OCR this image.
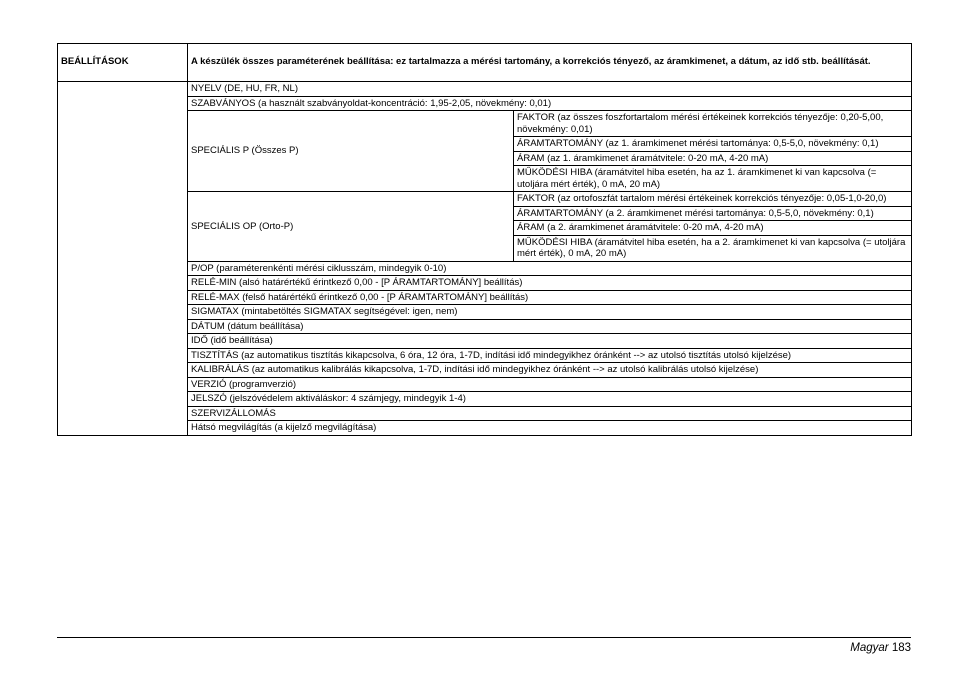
BEÁLLÍTÁSOK	A készülék összes paraméterének beállítása: ez tartalmazza a mérési tartomány, a korrekciós tényező, az áramkimenet, a dátum, az idő stb. beállítását.	
	NYELV (DE, HU, FR, NL)	
	SZABVÁNYOS (a használt szabványoldat-koncentráció: 1,95-2,05, növekmény: 0,01)	
	SPECIÁLIS P (Összes P)	FAKTOR (az összes foszfortartalom mérési értékeinek korrekciós tényezője: 0,20-5,00, növekmény: 0,01)
		ÁRAMTARTOMÁNY (az 1. áramkimenet mérési tartománya: 0,5-5,0, növekmény: 0,1)
		ÁRAM (az 1. áramkimenet áramátvitele: 0-20 mA, 4-20 mA)
		MŰKÖDÉSI HIBA (áramátvitel hiba esetén, ha az 1. áramkimenet ki van kapcsolva (= utoljára mért érték), 0 mA, 20 mA)
	SPECIÁLIS OP (Orto-P)	FAKTOR (az ortofoszfát tartalom mérési értékeinek korrekciós tényezője: 0,05-1,0-20,0)
		ÁRAMTARTOMÁNY (a 2. áramkimenet mérési tartománya: 0,5-5,0, növekmény: 0,1)
		ÁRAM (a 2. áramkimenet áramátvitele: 0-20 mA, 4-20 mA)
		MŰKÖDÉSI HIBA (áramátvitel hiba esetén, ha a 2. áramkimenet ki van kapcsolva (= utoljára mért érték), 0 mA, 20 mA)
	P/OP (paraméterenkénti mérési ciklusszám, mindegyik 0-10)	
	RELÉ-MIN (alsó határértékű érintkező 0,00 - [P ÁRAMTARTOMÁNY] beállítás)	
	RELÉ-MAX (felső határértékű érintkező 0,00 - [P ÁRAMTARTOMÁNY] beállítás)	
	SIGMATAX (mintabetöltés SIGMATAX segítségével: igen, nem)	
	DÁTUM (dátum beállítása)	
	IDŐ (idő beállítása)	
	TISZTÍTÁS (az automatikus tisztítás kikapcsolva, 6 óra, 12 óra, 1-7D, indítási idő mindegyikhez óránként --> az utolsó tisztítás utolsó kijelzése)	
	KALIBRÁLÁS (az automatikus kalibrálás kikapcsolva, 1-7D, indítási idő mindegyikhez óránként --> az utolsó kalibrálás utolsó kijelzése)	
	VERZIÓ (programverzió)	
	JELSZÓ (jelszóvédelem aktiváláskor: 4 számjegy, mindegyik 1-4)	
	SZERVIZÁLLOMÁS	
	Hátsó megvilágítás (a kijelző megvilágítása)	
Magyar 183
